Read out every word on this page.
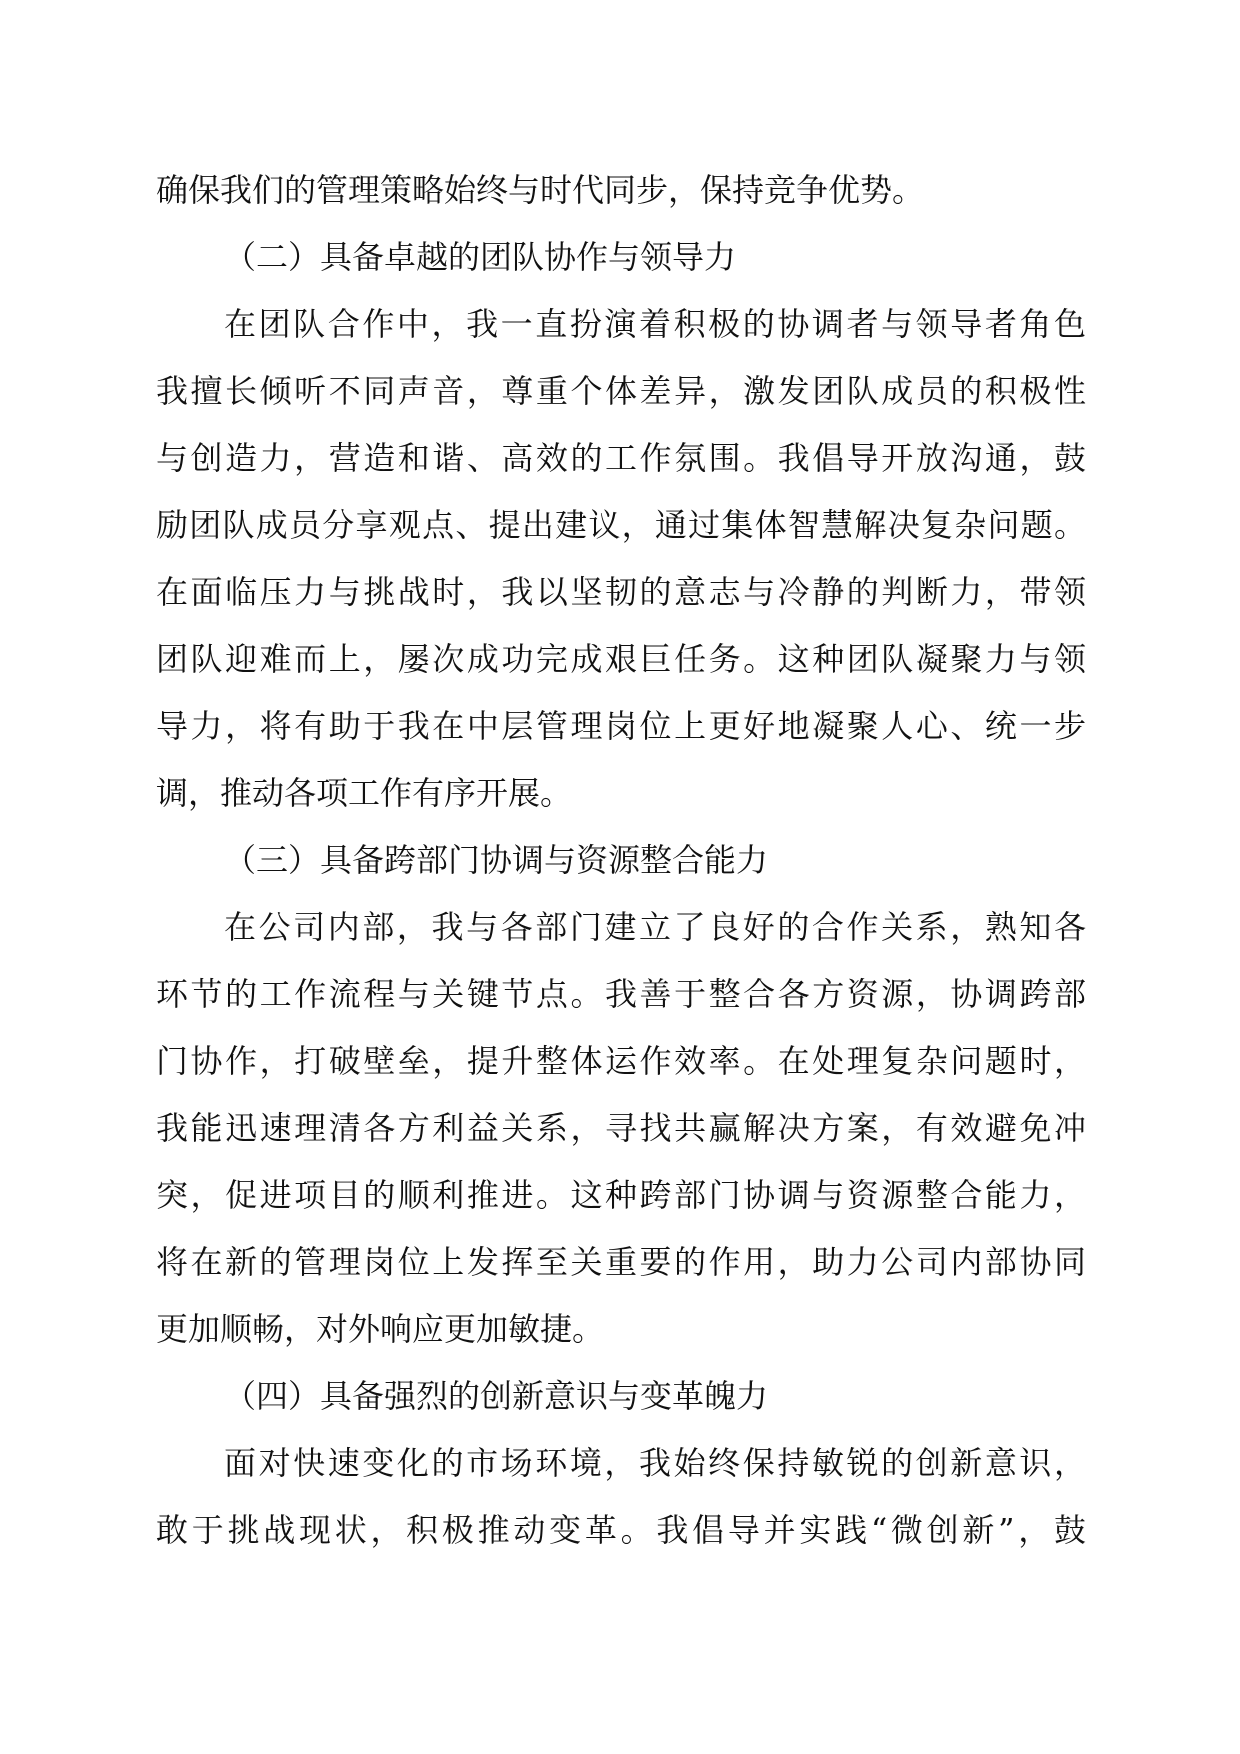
确保我们的管理策略始终与时代同步，保持竞争优势。
（二）具备卓越的团队协作与领导力
在团队合作中，我一直扮演着积极的协调者与领导者角色
我擅长倾听不同声音，尊重个体差异，激发团队成员的积极性
与创造力，营造和谐、高效的工作氛围。我倡导开放沟通，鼓
励团队成员分享观点、提出建议，通过集体智慧解决复杂问题。
在面临压力与挑战时，我以坚韧的意志与冷静的判断力，带领
团队迎难而上，屡次成功完成艰巨任务。这种团队凝聚力与领
导力，将有助于我在中层管理岗位上更好地凝聚人心、统一步
调，推动各项工作有序开展。
（三）具备跨部门协调与资源整合能力
在公司内部，我与各部门建立了良好的合作关系，熟知各
环节的工作流程与关键节点。我善于整合各方资源，协调跨部
门协作，打破壁垒，提升整体运作效率。在处理复杂问题时，
我能迅速理清各方利益关系，寻找共赢解决方案，有效避免冲
突，促进项目的顺利推进。这种跨部门协调与资源整合能力，
将在新的管理岗位上发挥至关重要的作用，助力公司内部协同
更加顺畅，对外响应更加敏捷。
（四）具备强烈的创新意识与变革魄力
面对快速变化的市场环境，我始终保持敏锐的创新意识，
敢于挑战现状，积极推动变革。我倡导并实践“微创新”，鼓
